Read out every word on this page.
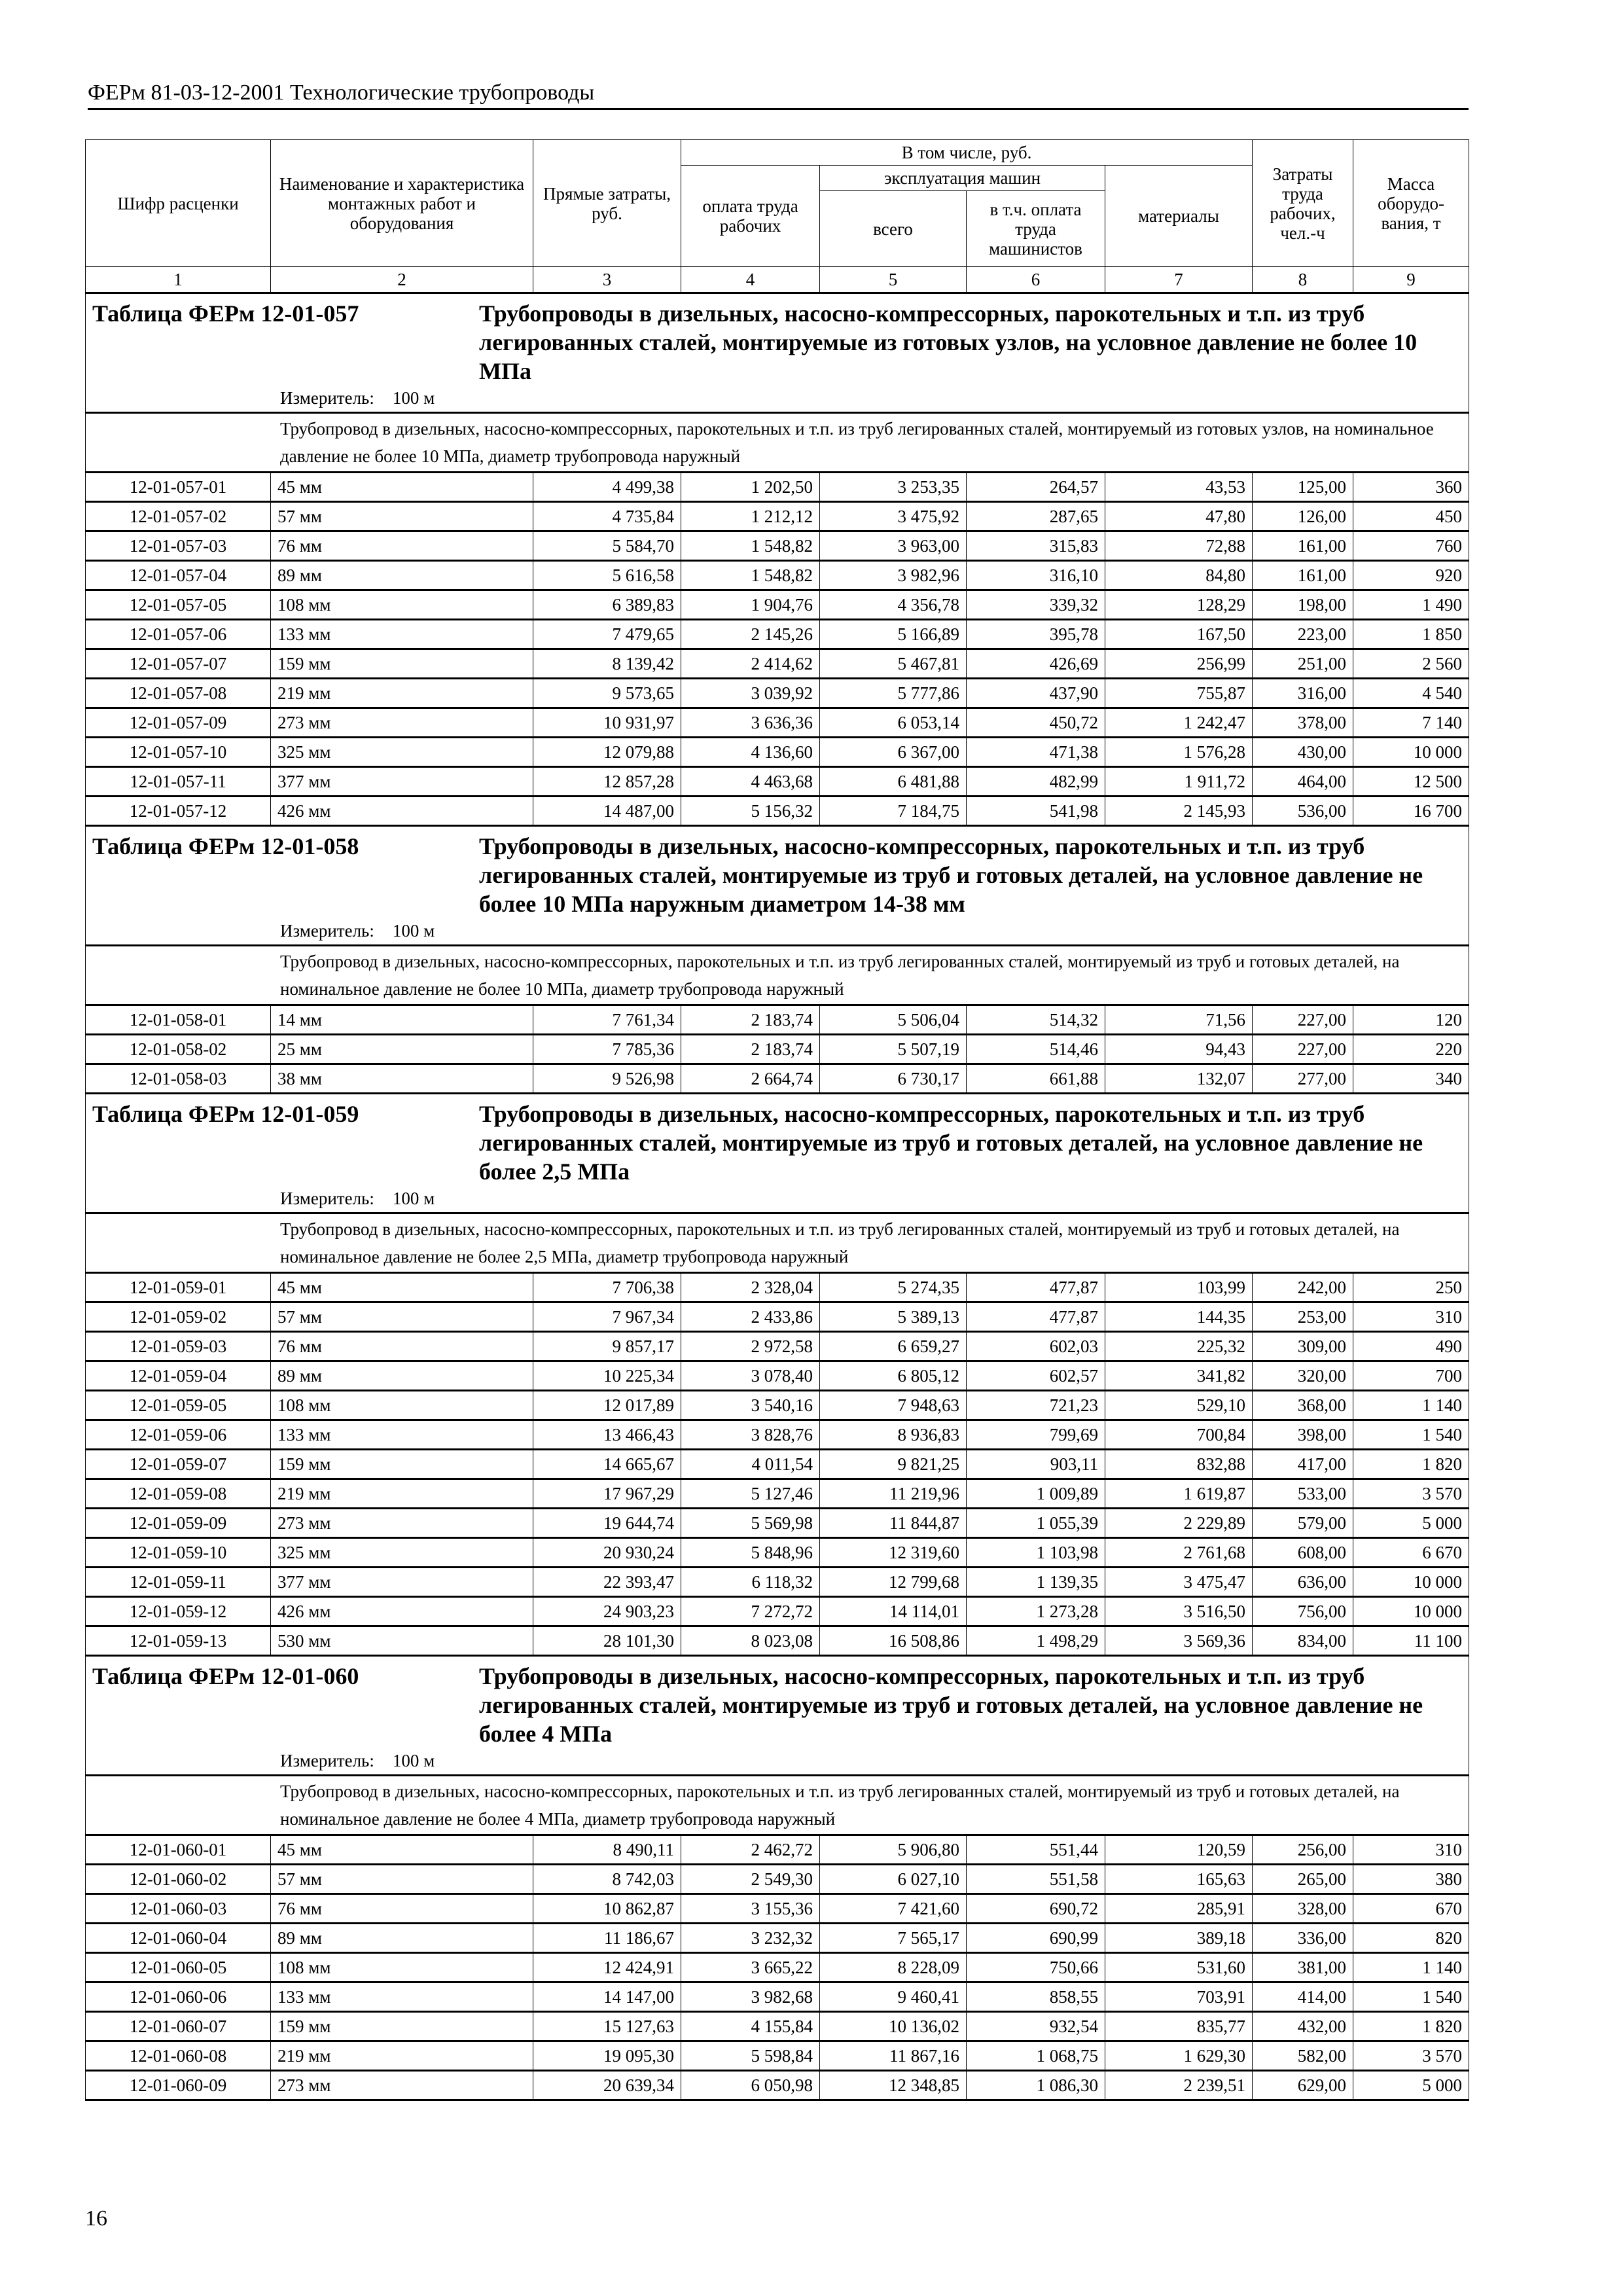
ФЕРм 81-03-12-2001 Технологические трубопроводы
Шифр расценки	Наименование и характеристика монтажных работ и оборудования	Прямые затраты, руб.	В том числе, руб.				Затраты труда рабочих, чел.-ч	Масса оборудо-вания, т
			оплата труда рабочих	эксплуатация машин		материалы		
				всего	в т.ч. оплата труда машинистов			
1	2	3	4	5	6	7	8	9

Таблица ФЕРм 12-01-057 Трубопроводы в дизельных, насосно-компрессорных, парокотельных и т.п. из труб легированных сталей, монтируемые из готовых узлов, на условное давление не более 10 МПа
Измеритель: 100 м								

Трубопровод в дизельных, насосно-компрессорных, парокотельных и т.п. из труб легированных сталей, монтируемый из готовых узлов, на номинальное давление не более 10 МПа, диаметр трубопровода наружный								

12-01-057-01	45 мм	4 499,38	1 202,50	3 253,35	264,57	43,53	125,00	360
12-01-057-02	57 мм	4 735,84	1 212,12	3 475,92	287,65	47,80	126,00	450
12-01-057-03	76 мм	5 584,70	1 548,82	3 963,00	315,83	72,88	161,00	760
12-01-057-04	89 мм	5 616,58	1 548,82	3 982,96	316,10	84,80	161,00	920
12-01-057-05	108 мм	6 389,83	1 904,76	4 356,78	339,32	128,29	198,00	1 490
12-01-057-06	133 мм	7 479,65	2 145,26	5 166,89	395,78	167,50	223,00	1 850
12-01-057-07	159 мм	8 139,42	2 414,62	5 467,81	426,69	256,99	251,00	2 560
12-01-057-08	219 мм	9 573,65	3 039,92	5 777,86	437,90	755,87	316,00	4 540
12-01-057-09	273 мм	10 931,97	3 636,36	6 053,14	450,72	1 242,47	378,00	7 140
12-01-057-10	325 мм	12 079,88	4 136,60	6 367,00	471,38	1 576,28	430,00	10 000
12-01-057-11	377 мм	12 857,28	4 463,68	6 481,88	482,99	1 911,72	464,00	12 500
12-01-057-12	426 мм	14 487,00	5 156,32	7 184,75	541,98	2 145,93	536,00	16 700

Таблица ФЕРм 12-01-058 Трубопроводы в дизельных, насосно-компрессорных, парокотельных и т.п. из труб легированных сталей, монтируемые из труб и готовых деталей, на условное давление не более 10 МПа наружным диаметром 14-38 мм
Измеритель: 100 м								

Трубопровод в дизельных, насосно-компрессорных, парокотельных и т.п. из труб легированных сталей, монтируемый из труб и готовых деталей, на номинальное давление не более 10 МПа, диаметр трубопровода наружный								

12-01-058-01	14 мм	7 761,34	2 183,74	5 506,04	514,32	71,56	227,00	120
12-01-058-02	25 мм	7 785,36	2 183,74	5 507,19	514,46	94,43	227,00	220
12-01-058-03	38 мм	9 526,98	2 664,74	6 730,17	661,88	132,07	277,00	340

Таблица ФЕРм 12-01-059 Трубопроводы в дизельных, насосно-компрессорных, парокотельных и т.п. из труб легированных сталей, монтируемые из труб и готовых деталей, на условное давление не более 2,5 МПа
Измеритель: 100 м								

Трубопровод в дизельных, насосно-компрессорных, парокотельных и т.п. из труб легированных сталей, монтируемый из труб и готовых деталей, на номинальное давление не более 2,5 МПа, диаметр трубопровода наружный								

12-01-059-01	45 мм	7 706,38	2 328,04	5 274,35	477,87	103,99	242,00	250
12-01-059-02	57 мм	7 967,34	2 433,86	5 389,13	477,87	144,35	253,00	310
12-01-059-03	76 мм	9 857,17	2 972,58	6 659,27	602,03	225,32	309,00	490
12-01-059-04	89 мм	10 225,34	3 078,40	6 805,12	602,57	341,82	320,00	700
12-01-059-05	108 мм	12 017,89	3 540,16	7 948,63	721,23	529,10	368,00	1 140
12-01-059-06	133 мм	13 466,43	3 828,76	8 936,83	799,69	700,84	398,00	1 540
12-01-059-07	159 мм	14 665,67	4 011,54	9 821,25	903,11	832,88	417,00	1 820
12-01-059-08	219 мм	17 967,29	5 127,46	11 219,96	1 009,89	1 619,87	533,00	3 570
12-01-059-09	273 мм	19 644,74	5 569,98	11 844,87	1 055,39	2 229,89	579,00	5 000
12-01-059-10	325 мм	20 930,24	5 848,96	12 319,60	1 103,98	2 761,68	608,00	6 670
12-01-059-11	377 мм	22 393,47	6 118,32	12 799,68	1 139,35	3 475,47	636,00	10 000
12-01-059-12	426 мм	24 903,23	7 272,72	14 114,01	1 273,28	3 516,50	756,00	10 000
12-01-059-13	530 мм	28 101,30	8 023,08	16 508,86	1 498,29	3 569,36	834,00	11 100

Таблица ФЕРм 12-01-060 Трубопроводы в дизельных, насосно-компрессорных, парокотельных и т.п. из труб легированных сталей, монтируемые из труб и готовых деталей, на условное давление не более 4 МПа
Измеритель: 100 м								

Трубопровод в дизельных, насосно-компрессорных, парокотельных и т.п. из труб легированных сталей, монтируемый из труб и готовых деталей, на номинальное давление не более 4 МПа, диаметр трубопровода наружный								

12-01-060-01	45 мм	8 490,11	2 462,72	5 906,80	551,44	120,59	256,00	310
12-01-060-02	57 мм	8 742,03	2 549,30	6 027,10	551,58	165,63	265,00	380
12-01-060-03	76 мм	10 862,87	3 155,36	7 421,60	690,72	285,91	328,00	670
12-01-060-04	89 мм	11 186,67	3 232,32	7 565,17	690,99	389,18	336,00	820
12-01-060-05	108 мм	12 424,91	3 665,22	8 228,09	750,66	531,60	381,00	1 140
12-01-060-06	133 мм	14 147,00	3 982,68	9 460,41	858,55	703,91	414,00	1 540
12-01-060-07	159 мм	15 127,63	4 155,84	10 136,02	932,54	835,77	432,00	1 820
12-01-060-08	219 мм	19 095,30	5 598,84	11 867,16	1 068,75	1 629,30	582,00	3 570
12-01-060-09	273 мм	20 639,34	6 050,98	12 348,85	1 086,30	2 239,51	629,00	5 000
16
